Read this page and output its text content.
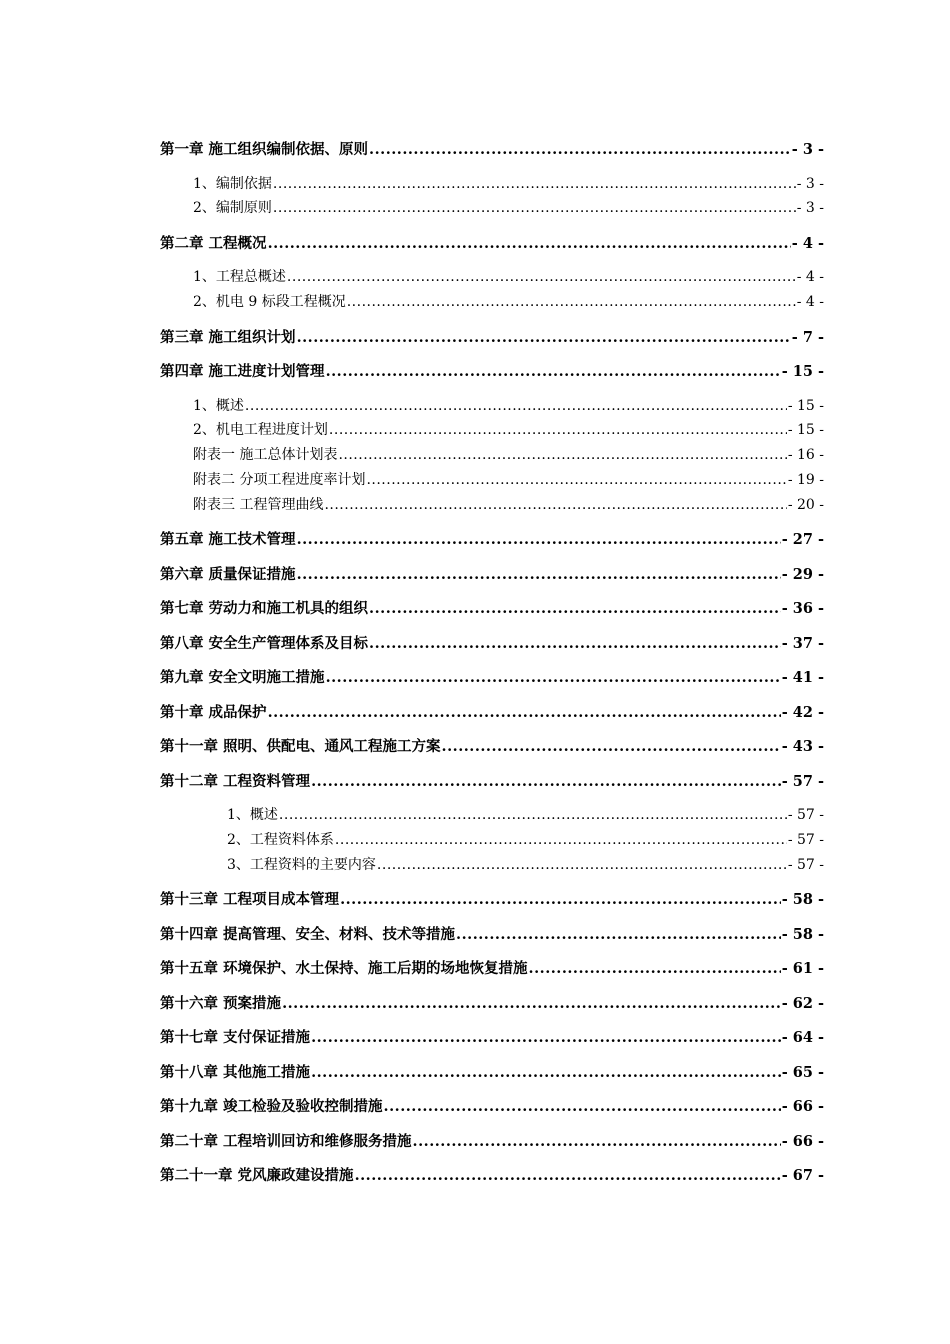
第一章 施工组织编制依据、原则 .....	- 3 -
1、编制依据 .....	- 3 -
2、编制原则 .....	- 3 -
第二章 工程概况 .....	- 4 -
1、工程总概述 .....	- 4 -
2、机电 9 标段工程概况 .....	- 4 -
第三章 施工组织计划 .....	- 7 -
第四章 施工进度计划管理 .....	- 15 -
1、概述 .....	- 15 -
2、机电工程进度计划 .....	- 15 -
附表一 施工总体计划表 .....	- 16 -
附表二 分项工程进度率计划 .....	- 19 -
附表三 工程管理曲线 .....	- 20 -
第五章 施工技术管理 .....	- 27 -
第六章 质量保证措施 .....	- 29 -
第七章 劳动力和施工机具的组织 .....	- 36 -
第八章 安全生产管理体系及目标 .....	- 37 -
第九章 安全文明施工措施 .....	- 41 -
第十章 成品保护 .....	- 42 -
第十一章 照明、供配电、通风工程施工方案 .....	- 43 -
第十二章 工程资料管理 .....	- 57 -
1、概述 .....	- 57 -
2、工程资料体系 .....	- 57 -
3、工程资料的主要内容 .....	- 57 -
第十三章 工程项目成本管理 .....	- 58 -
第十四章 提高管理、安全、材料、技术等措施 .....	- 58 -
第十五章 环境保护、水土保持、施工后期的场地恢复措施 .....	- 61 -
第十六章 预案措施 .....	- 62 -
第十七章 支付保证措施 .....	- 64 -
第十八章 其他施工措施 .....	- 65 -
第十九章 竣工检验及验收控制措施 .....	- 66 -
第二十章 工程培训回访和维修服务措施 .....	- 66 -
第二十一章 党风廉政建设措施 .....	- 67 -
